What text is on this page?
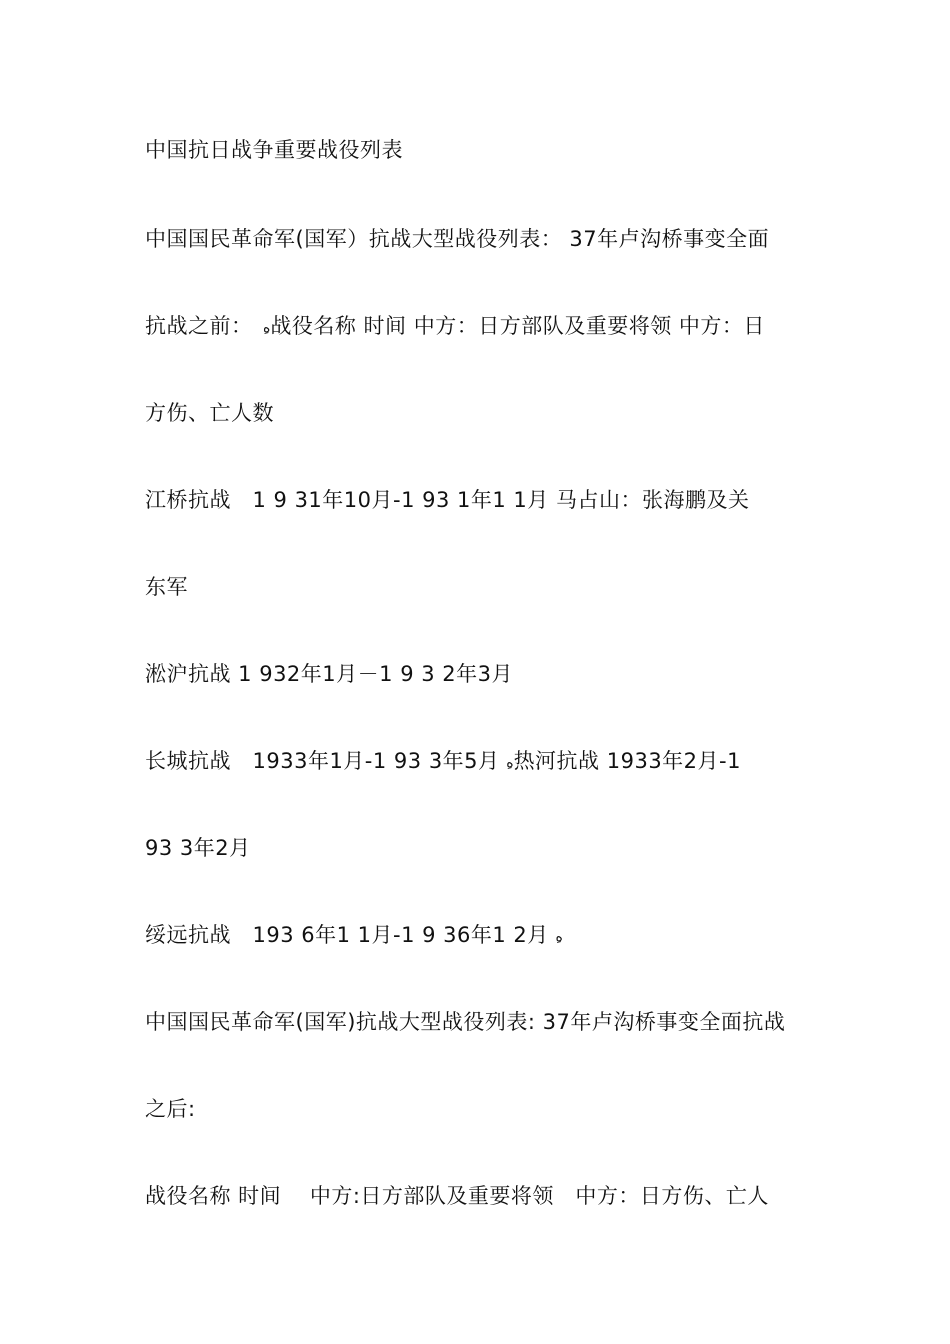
中国抗日战争重要战役列表
中国国民革命军(国军）抗战大型战役列表： 37年卢沟桥事变全面
抗战之前：　 ِه战役名称 时间 中方：日方部队及重要将领 中方：日
方伤、亡人数
江桥抗战　1 9 31年10月-1 93 1年1 1月 马占山：张海鹏及关
东军
淞沪抗战 1 932年1月－1 9 3 2年3月
长城抗战　1933年1月-1 93 3年5月 ِه热河抗战 1933年2月-1
93 3年2月
绥远抗战　193 6年1 1月-1 9 36年1 2月 ِه
中国国民革命军(国军)抗战大型战役列表: 37年卢沟桥事变全面抗战
之后:
战役名称 时间　 中方:日方部队及重要将领　中方：日方伤、亡人
